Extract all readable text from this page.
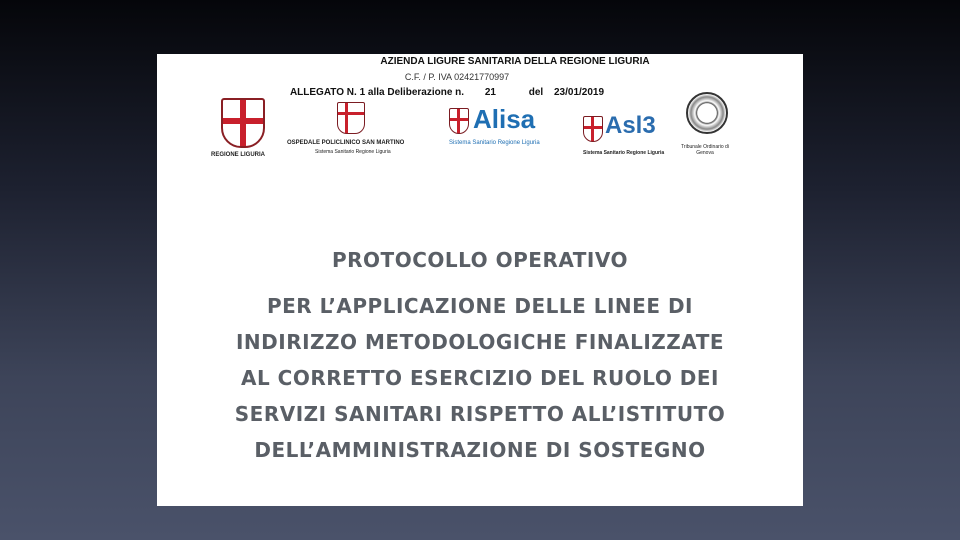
AZIENDA LIGURE SANITARIA DELLA REGIONE LIGURIA
C.F. / P. IVA 02421770997
ALLEGATO N. 1 alla Deliberazione n. 21	del 23/01/2019
REGIONE LIGURIA
OSPEDALE POLICLINICO SAN MARTINO
Sistema Sanitario Regione Liguria
Alisa
Sistema Sanitario Regione Liguria
Asl3
Sistema Sanitario Regione Liguria
Tribunale Ordinario di Genova
PROTOCOLLO OPERATIVO
PER L’APPLICAZIONE DELLE LINEE DI
INDIRIZZO METODOLOGICHE FINALIZZATE
AL CORRETTO ESERCIZIO DEL RUOLO DEI
SERVIZI SANITARI RISPETTO ALL’ISTITUTO
DELL’AMMINISTRAZIONE DI SOSTEGNO
